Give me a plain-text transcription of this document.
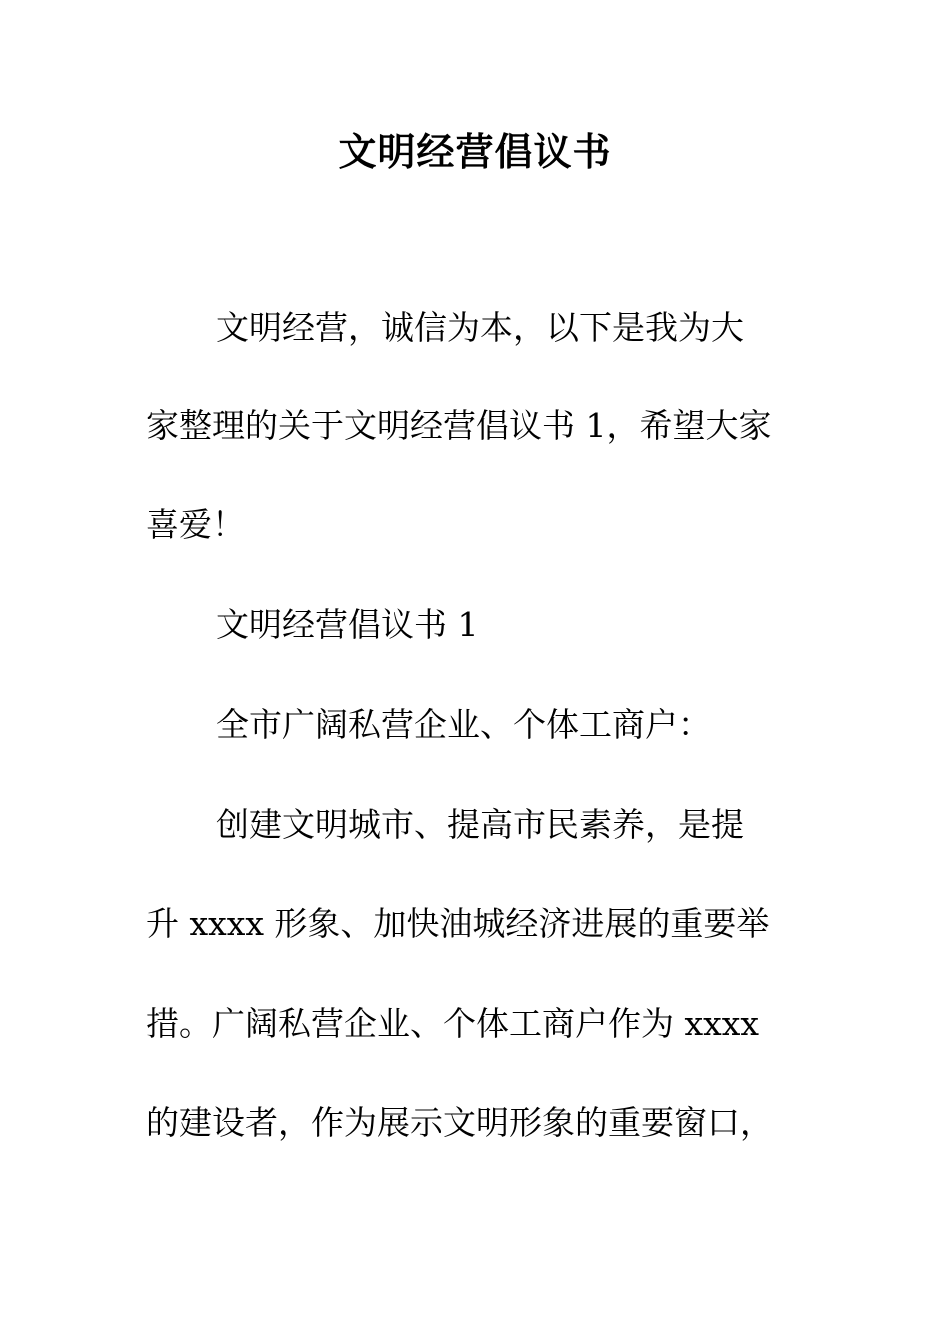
文明经营倡议书
文明经营，诚信为本，以下是我为大
家整理的关于文明经营倡议书 1，希望大家
喜爱！
文明经营倡议书 1
全市广阔私营企业、个体工商户：
创建文明城市、提高市民素养，是提
升 xxxx 形象、加快油城经济进展的重要举
措。广阔私营企业、个体工商户作为 xxxx
的建设者，作为展示文明形象的重要窗口，
